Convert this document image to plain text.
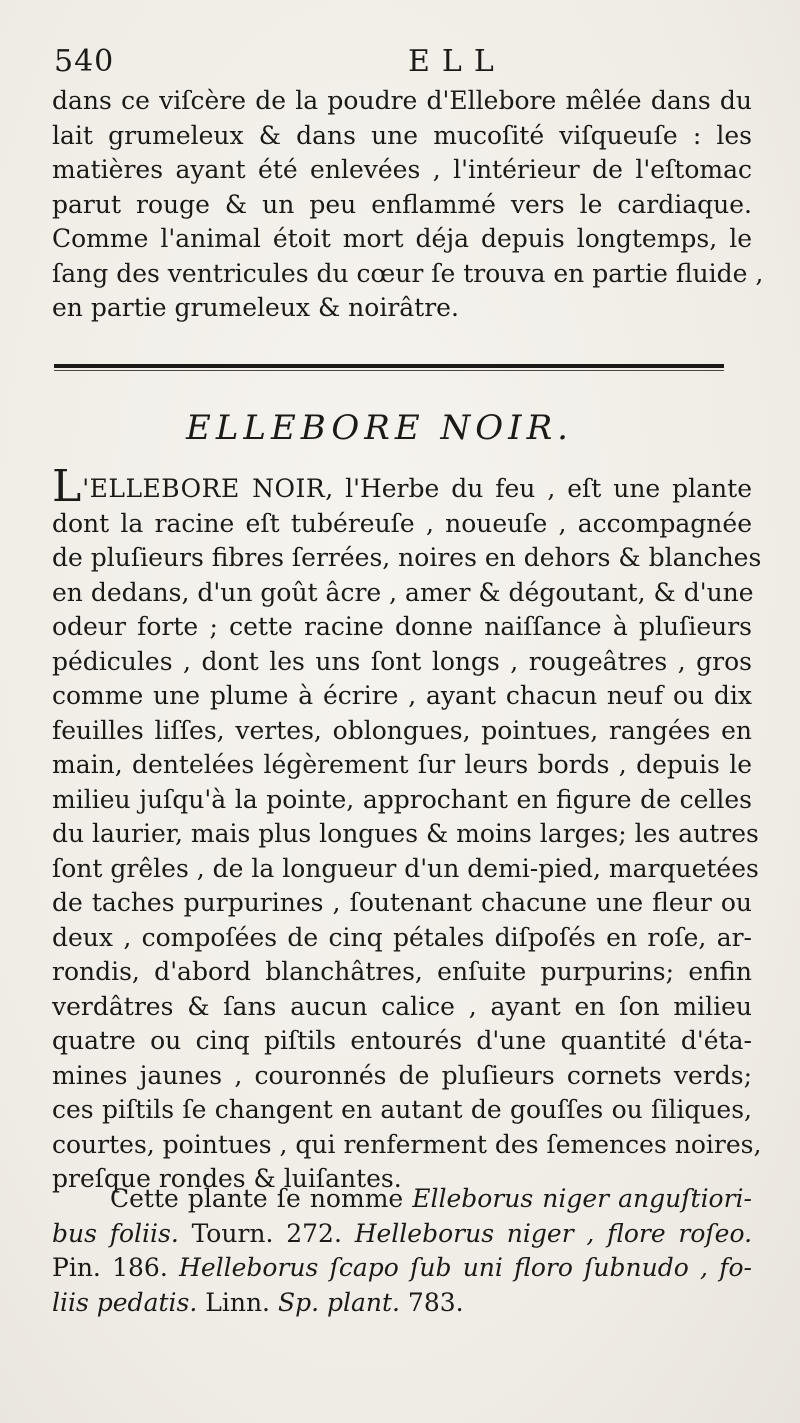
540	ELL
dans ce viſcère de la poudre d'Ellebore mêlée dans du
lait grumeleux & dans une mucoſité viſqueuſe : les
matières ayant été enlevées , l'intérieur de l'eſtomac
parut rouge & un peu enflammé vers le cardiaque.
Comme l'animal étoit mort déja depuis longtemps, le
ſang des ventricules du cœur ſe trouva en partie fluide ,
en partie grumeleux & noirâtre.
ELLEBORE NOIR.
L'ELLEBORE NOIR, l'Herbe du feu , eſt une plante
dont la racine eſt tubéreuſe , noueuſe , accompagnée
de pluſieurs fibres ſerrées, noires en dehors & blanches
en dedans, d'un goût âcre , amer & dégoutant, & d'une
odeur forte ; cette racine donne naiſſance à pluſieurs
pédicules , dont les uns ſont longs , rougeâtres , gros
comme une plume à écrire , ayant chacun neuf ou dix
feuilles liſſes, vertes, oblongues, pointues, rangées en
main, dentelées légèrement ſur leurs bords , depuis le
milieu juſqu'à la pointe, approchant en figure de celles
du laurier, mais plus longues & moins larges; les autres
ſont grêles , de la longueur d'un demi-pied, marquetées
de taches purpurines , ſoutenant chacune une fleur ou
deux , compoſées de cinq pétales diſpoſés en roſe, ar-
rondis, d'abord blanchâtres, enſuite purpurins; enfin
verdâtres & ſans aucun calice , ayant en ſon milieu
quatre ou cinq piſtils entourés d'une quantité d'éta-
mines jaunes , couronnés de pluſieurs cornets verds;
ces piſtils ſe changent en autant de gouſſes ou ſiliques,
courtes, pointues , qui renferment des ſemences noires,
preſque rondes & luiſantes.
Cette plante ſe nomme Elleborus niger anguſtiori-
bus foliis. Tourn. 272. Helleborus niger , flore roſeo.
Pin. 186. Helleborus ſcapo ſub uni floro ſubnudo , fo-
liis pedatis. Linn. Sp. plant. 783.
